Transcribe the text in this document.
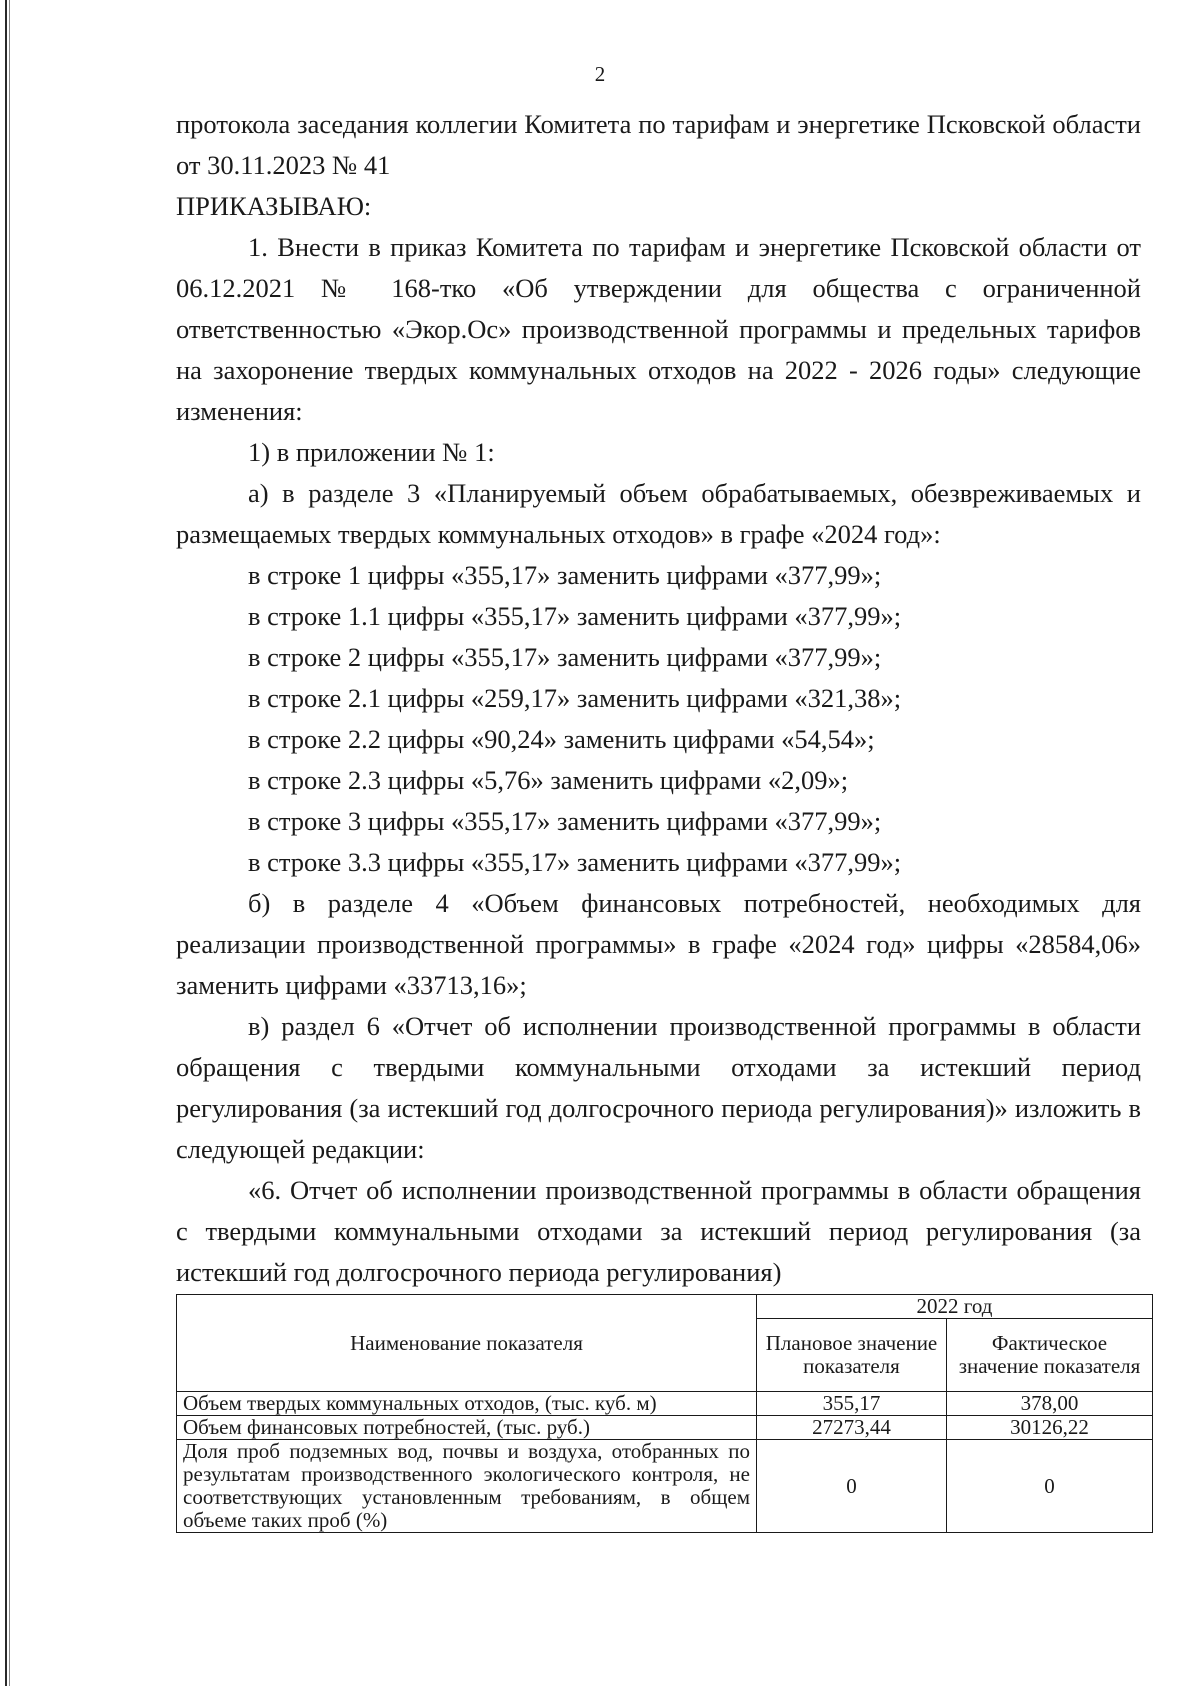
2

протокола заседания коллегии Комитета по тарифам и энергетике Псковской области от 30.11.2023 № 41

ПРИКАЗЫВАЮ:

1. Внести в приказ Комитета по тарифам и энергетике Псковской области от 06.12.2021 № 168-тко «Об утверждении для общества с ограниченной ответственностью «Экор.Ос» производственной программы и предельных тарифов на захоронение твердых коммунальных отходов на 2022 - 2026 годы» следующие изменения:

1) в приложении № 1:

а) в разделе 3 «Планируемый объем обрабатываемых, обезвреживаемых и размещаемых твердых коммунальных отходов» в графе «2024 год»:

в строке 1 цифры «355,17» заменить цифрами «377,99»;

в строке 1.1 цифры «355,17» заменить цифрами «377,99»;

в строке 2 цифры «355,17» заменить цифрами «377,99»;

в строке 2.1 цифры «259,17» заменить цифрами «321,38»;

в строке 2.2 цифры «90,24» заменить цифрами «54,54»;

в строке 2.3 цифры «5,76» заменить цифрами «2,09»;

в строке 3 цифры «355,17» заменить цифрами «377,99»;

в строке 3.3 цифры «355,17» заменить цифрами «377,99»;

б) в разделе 4 «Объем финансовых потребностей, необходимых для реализации производственной программы» в графе «2024 год» цифры «28584,06» заменить цифрами «33713,16»;

в) раздел 6 «Отчет об исполнении производственной программы в области обращения с твердыми коммунальными отходами за истекший период регулирования (за истекший год долгосрочного периода регулирования)» изложить в следующей редакции:

«6. Отчет об исполнении производственной программы в области обращения с твердыми коммунальными отходами за истекший период регулирования (за истекший год долгосрочного периода регулирования)

Наименование показателя	2022 год	
	Плановое значение показателя	Фактическое значение показателя
Объем твердых коммунальных отходов, (тыс. куб. м)	355,17	378,00
Объем финансовых потребностей, (тыс. руб.)	27273,44	30126,22
Доля проб подземных вод, почвы и воздуха, отобранных по результатам производственного экологического контроля, не соответствующих установленным требованиям, в общем объеме таких проб (%)	0	0
